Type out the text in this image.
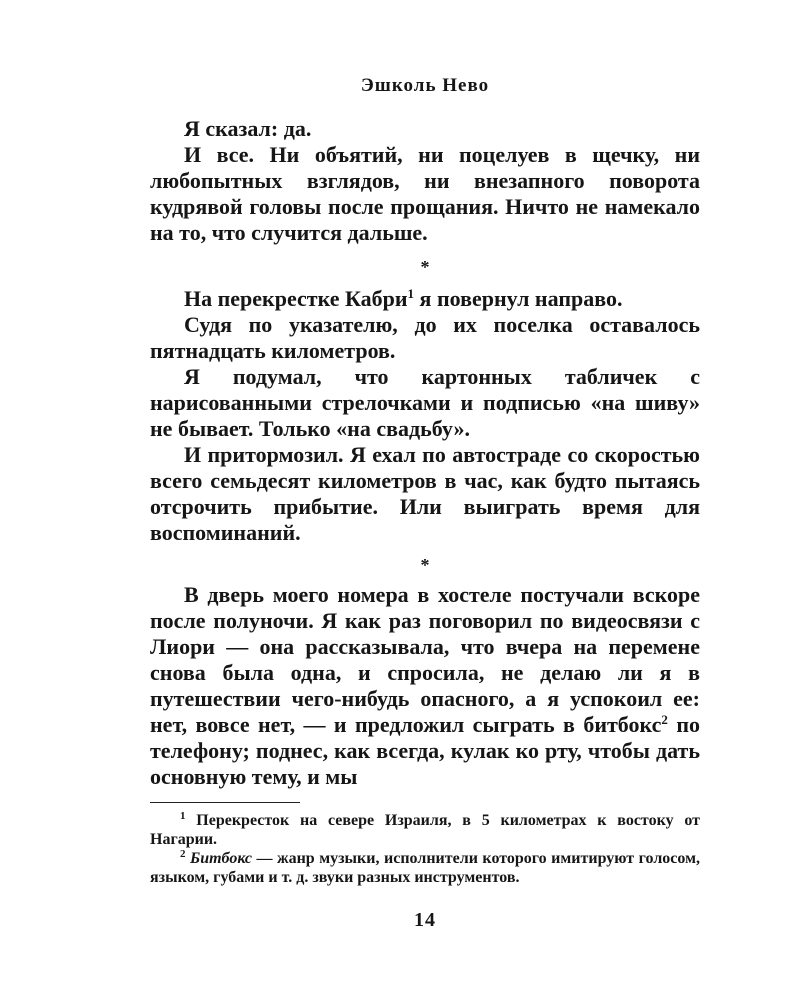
Эшколь Нево

Я сказал: да.

И все. Ни объятий, ни поцелуев в щечку, ни любопытных взглядов, ни внезапного поворота кудрявой головы после прощания. Ничто не намекало на то, что случится дальше.

*

На перекрестке Кабри$^1$ я повернул направо.

Судя по указателю, до их поселка оставалось пятнадцать километров.

Я подумал, что картонных табличек с нарисованными стрелочками и подписью «на шиву» не бывает. Только «на свадьбу».

И притормозил. Я ехал по автостраде со скоростью всего семьдесят километров в час, как будто пытаясь отсрочить прибытие. Или выиграть время для воспоминаний.

*

В дверь моего номера в хостеле постучали вскоре после полуночи. Я как раз поговорил по видеосвязи с Лиори — она рассказывала, что вчера на перемене снова была одна, и спросила, не делаю ли я в путешествии чего-нибудь опасного, а я успокоил ее: нет, вовсе нет, — и предложил сыграть в битбокс$^2$ по телефону; поднес, как всегда, кулак ко рту, чтобы дать основную тему, и мы

$^1$ Перекресток на севере Израиля, в 5 километрах к востоку от Нагарии.

$^2$ Битбокс — жанр музыки, исполнители которого имитируют голосом, языком, губами и т. д. звуки разных инструментов.

14
